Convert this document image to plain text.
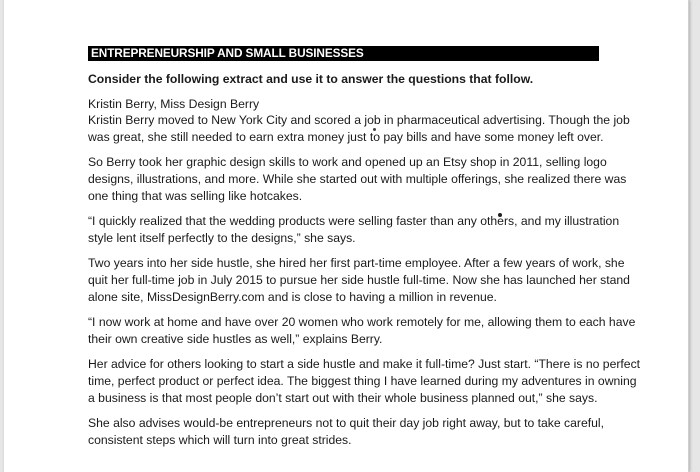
ENTREPRENEURSHIP AND SMALL BUSINESSES
Consider the following extract and use it to answer the questions that follow.
Kristin Berry, Miss Design Berry

Kristin Berry moved to New York City and scored a job in pharmaceutical advertising. Though the job
was great, she still needed to earn extra money just to pay bills and have some money left over.

So Berry took her graphic design skills to work and opened up an Etsy shop in 2011, selling logo
designs, illustrations, and more. While she started out with multiple offerings, she realized there was
one thing that was selling like hotcakes.

“I quickly realized that the wedding products were selling faster than any others, and my illustration
style lent itself perfectly to the designs,” she says.

Two years into her side hustle, she hired her first part-time employee. After a few years of work, she
quit her full-time job in July 2015 to pursue her side hustle full-time. Now she has launched her stand
alone site, MissDesignBerry.com and is close to having a million in revenue.

“I now work at home and have over 20 women who work remotely for me, allowing them to each have
their own creative side hustles as well,” explains Berry.

Her advice for others looking to start a side hustle and make it full-time? Just start. “There is no perfect
time, perfect product or perfect idea. The biggest thing I have learned during my adventures in owning
a business is that most people don’t start out with their whole business planned out,” she says.

She also advises would-be entrepreneurs not to quit their day job right away, but to take careful,
consistent steps which will turn into great strides.
